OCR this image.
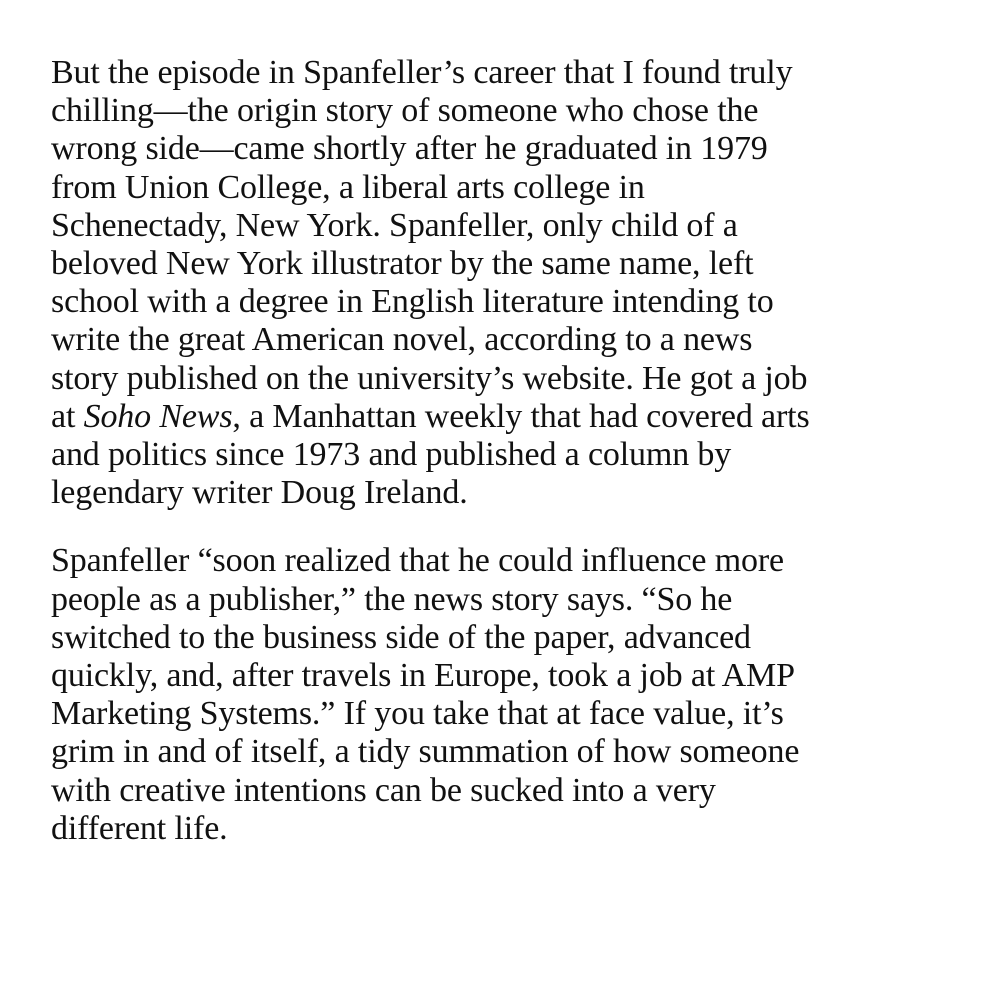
But the episode in Spanfeller’s career that I found truly
chilling—the origin story of someone who chose the
wrong side—came shortly after he graduated in 1979
from Union College, a liberal arts college in
Schenectady, New York. Spanfeller, only child of a
beloved New York illustrator by the same name, left
school with a degree in English literature intending to
write the great American novel, according to a news
story published on the university’s website. He got a job
at Soho News, a Manhattan weekly that had covered arts
and politics since 1973 and published a column by
legendary writer Doug Ireland.

Spanfeller “soon realized that he could influence more
people as a publisher,” the news story says. “So he
switched to the business side of the paper, advanced
quickly, and, after travels in Europe, took a job at AMP
Marketing Systems.” If you take that at face value, it’s
grim in and of itself, a tidy summation of how someone
with creative intentions can be sucked into a very
different life.
